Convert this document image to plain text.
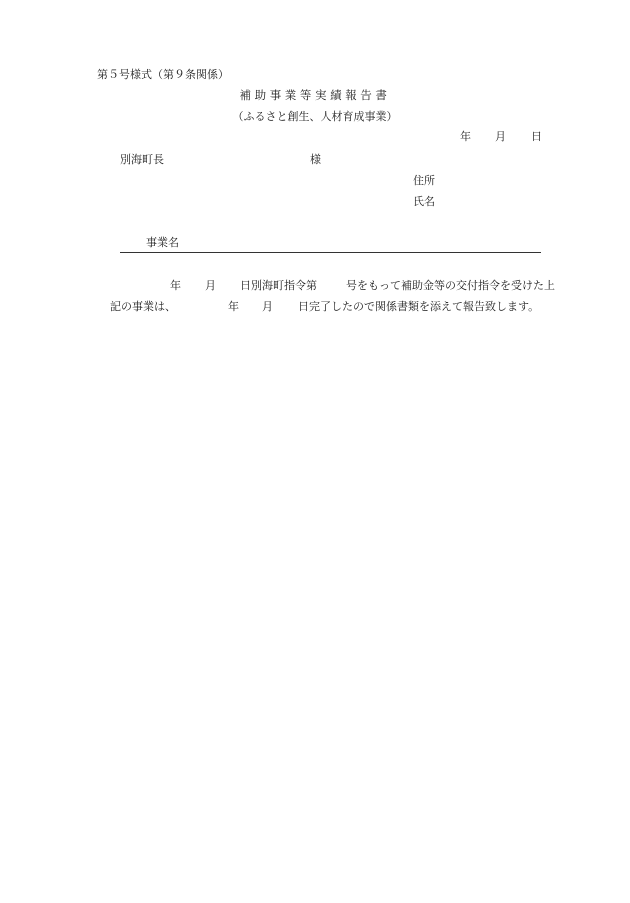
第５号様式（第９条関係）
補助事業等実績報告書
（ふるさと創生、人材育成事業）
年 月 日
別海町長	様
住所
氏名
事業名
年 月 日別海町指令第	号をもって補助金等の交付指令を受けた上
記の事業は、	年 月 日完了したので関係書類を添えて報告致します。
